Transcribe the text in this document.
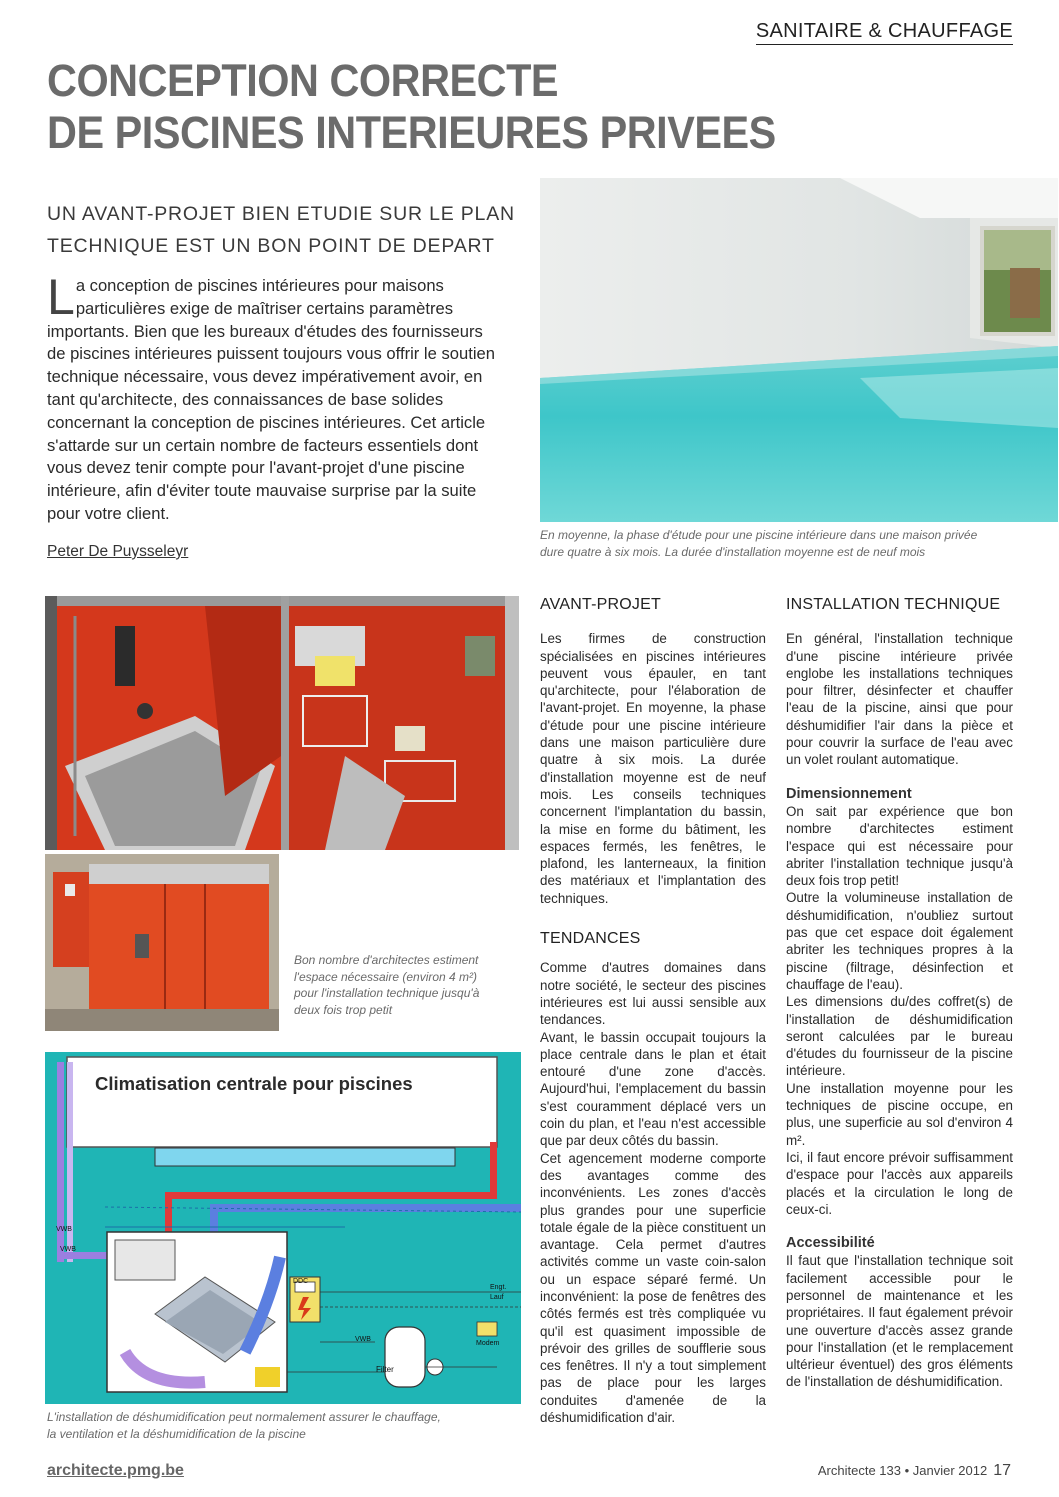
SANITAIRE & CHAUFFAGE
CONCEPTION CORRECTE
DE PISCINES INTERIEURES PRIVEES
UN AVANT-PROJET BIEN ETUDIE SUR LE PLAN
TECHNIQUE EST UN BON POINT DE DEPART

La conception de piscines intérieures pour maisons particulières exige de maîtriser certains paramètres importants. Bien que les bureaux d'études des fournisseurs de piscines intérieures puissent toujours vous offrir le soutien technique nécessaire, vous devez impérativement avoir, en tant qu'architecte, des connaissances de base solides concernant la conception de piscines intérieures. Cet article s'attarde sur un certain nombre de facteurs essentiels dont vous devez tenir compte pour l'avant-projet d'une piscine intérieure, afin d'éviter toute mauvaise surprise par la suite pour votre client.

Peter De Puysseleyr
En moyenne, la phase d'étude pour une piscine intérieure dans une maison privée
dure quatre à six mois. La durée d'installation moyenne est de neuf mois
Bon nombre d'architectes estiment
l'espace nécessaire (environ 4 m²)
pour l'installation technique jusqu'à
deux fois trop petit
Climatisation centrale pour piscines
VWB
VWB
VWB
DDC
Filter
Modem
Engt.
Lauf
L'installation de déshumidification peut normalement assurer le chauffage,
la ventilation et la déshumidification de la piscine
AVANT-PROJET

Les firmes de construction spécialisées en piscines intérieures peuvent vous épauler, en tant qu'architecte, pour l'élaboration de l'avant-projet. En moyenne, la phase d'étude pour une piscine intérieure dans une maison particulière dure quatre à six mois. La durée d'installation moyenne est de neuf mois. Les conseils techniques concernent l'implantation du bassin, la mise en forme du bâtiment, les espaces fermés, les fenêtres, le plafond, les lanterneaux, la finition des matériaux et l'implantation des techniques.

TENDANCES

Comme d'autres domaines dans notre société, le secteur des piscines intérieures est lui aussi sensible aux tendances.

Avant, le bassin occupait toujours la place centrale dans le plan et était entouré d'une zone d'accès. Aujourd'hui, l'emplacement du bassin s'est couramment déplacé vers un coin du plan, et l'eau n'est accessible que par deux côtés du bassin.

Cet agencement moderne comporte des avantages comme des inconvénients. Les zones d'accès plus grandes pour une superficie totale égale de la pièce constituent un avantage. Cela permet d'autres activités comme un vaste coin-salon ou un espace séparé fermé. Un inconvénient: la pose de fenêtres des côtés fermés est très compliquée vu qu'il est quasiment impossible de prévoir des grilles de soufflerie sous ces fenêtres. Il n'y a tout simplement pas de place pour les larges conduites d'amenée de la déshumidification d'air.

INSTALLATION TECHNIQUE

En général, l'installation technique d'une piscine intérieure privée englobe les installations techniques pour filtrer, désinfecter et chauffer l'eau de la piscine, ainsi que pour déshumidifier l'air dans la pièce et pour couvrir la surface de l'eau avec un volet roulant automatique.

Dimensionnement

On sait par expérience que bon nombre d'architectes estiment l'espace qui est nécessaire pour abriter l'installation technique jusqu'à deux fois trop petit!

Outre la volumineuse installation de déshumidification, n'oubliez surtout pas que cet espace doit également abriter les techniques propres à la piscine (filtrage, désinfection et chauffage de l'eau).

Les dimensions du/des coffret(s) de l'installation de déshumidification seront calculées par le bureau d'études du fournisseur de la piscine intérieure.

Une installation moyenne pour les techniques de piscine occupe, en plus, une superficie au sol d'environ 4 m².

Ici, il faut encore prévoir suffisamment d'espace pour l'accès aux appareils placés et la circulation le long de ceux-ci.

Accessibilité

Il faut que l'installation technique soit facilement accessible pour le personnel de maintenance et les propriétaires. Il faut également prévoir une ouverture d'accès assez grande pour l'installation (et le remplacement ultérieur éventuel) des gros éléments de l'installation de déshumidification.

architecte.pmg.be	Architecte 133 • Janvier 2012 17
